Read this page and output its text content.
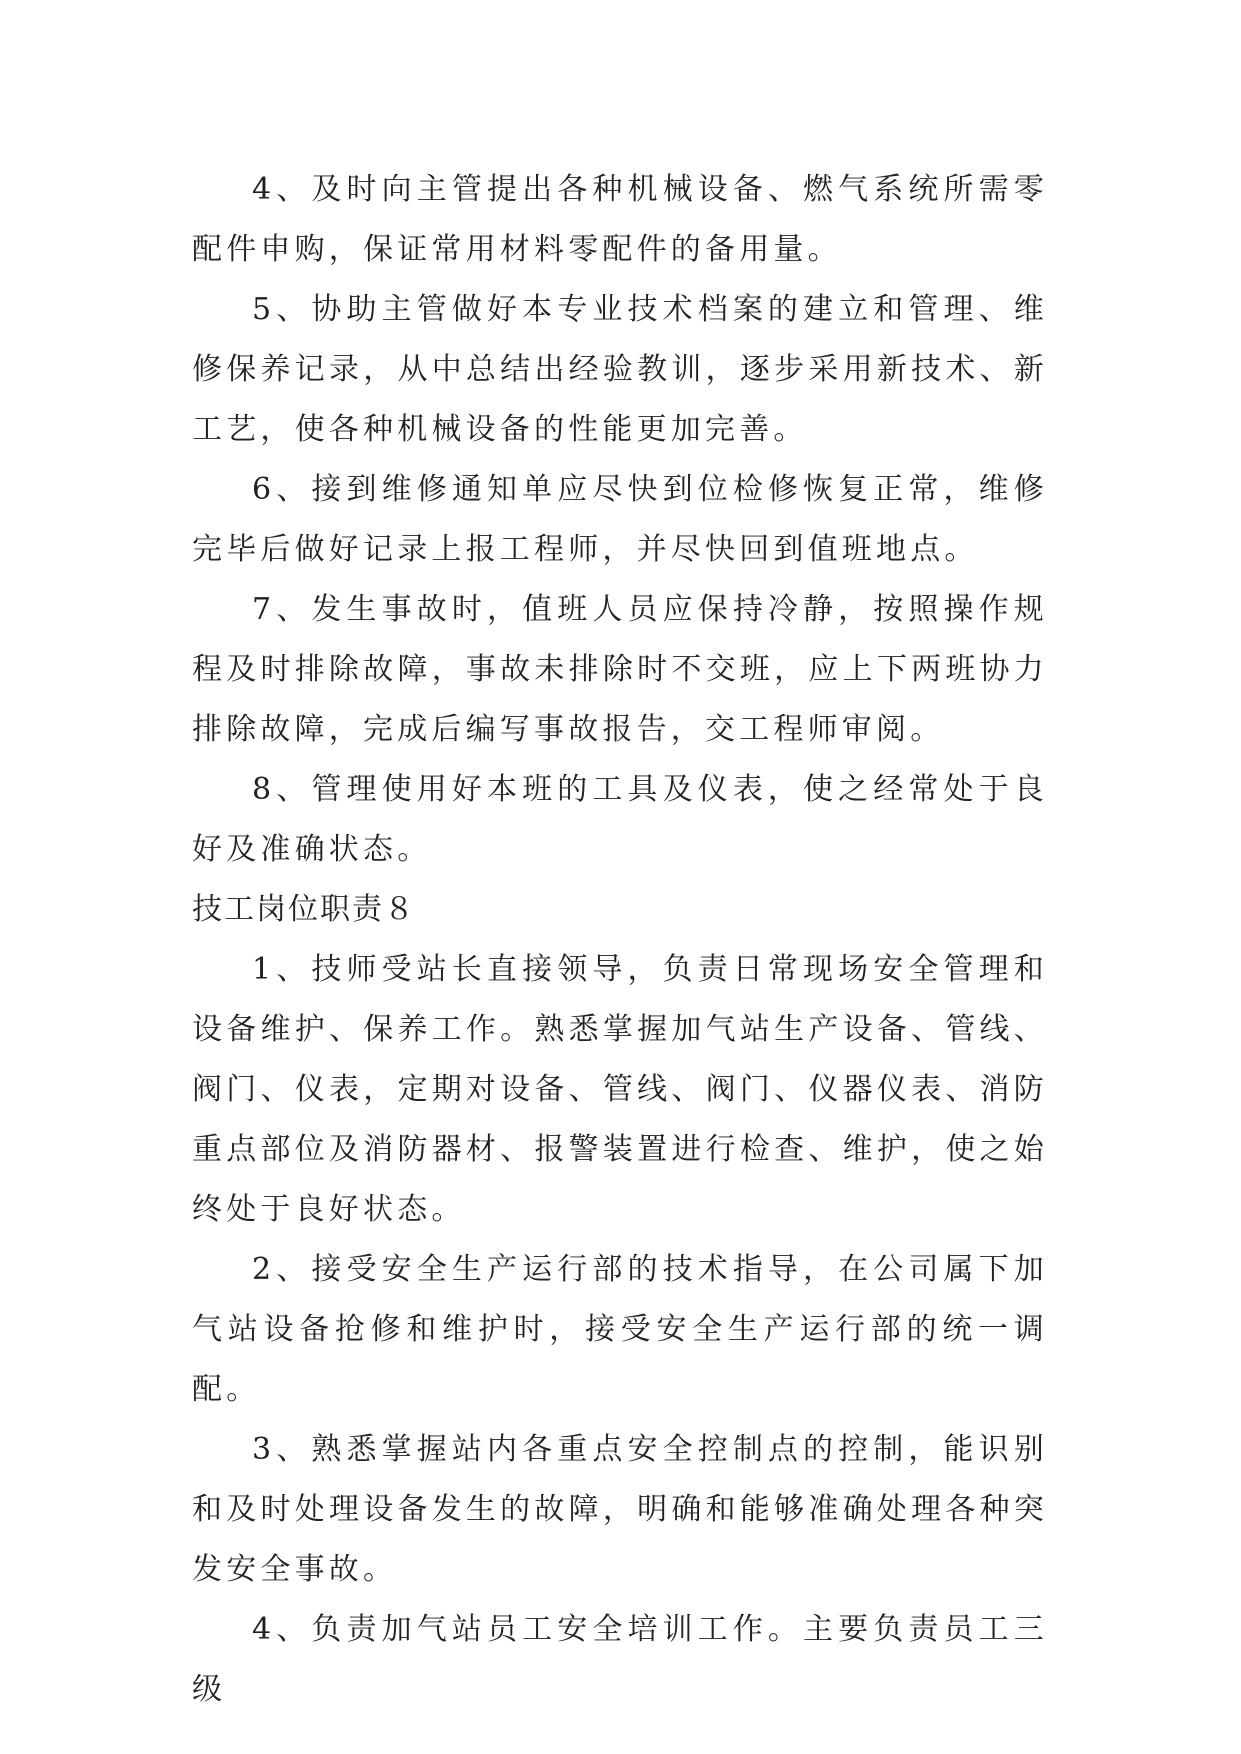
4、及时向主管提出各种机械设备、燃气系统所需零配件申购，保证常用材料零配件的备用量。

5、协助主管做好本专业技术档案的建立和管理、维修保养记录，从中总结出经验教训，逐步采用新技术、新工艺，使各种机械设备的性能更加完善。

6、接到维修通知单应尽快到位检修恢复正常，维修完毕后做好记录上报工程师，并尽快回到值班地点。

7、发生事故时，值班人员应保持冷静，按照操作规程及时排除故障，事故未排除时不交班，应上下两班协力排除故障，完成后编写事故报告，交工程师审阅。

8、管理使用好本班的工具及仪表，使之经常处于良好及准确状态。

技工岗位职责８

1、技师受站长直接领导，负责日常现场安全管理和设备维护、保养工作。熟悉掌握加气站生产设备、管线、阀门、仪表，定期对设备、管线、阀门、仪器仪表、消防重点部位及消防器材、报警装置进行检查、维护，使之始终处于良好状态。

2、接受安全生产运行部的技术指导，在公司属下加气站设备抢修和维护时，接受安全生产运行部的统一调配。

3、熟悉掌握站内各重点安全控制点的控制，能识别和及时处理设备发生的故障，明确和能够准确处理各种突发安全事故。

4、负责加气站员工安全培训工作。主要负责员工三级
